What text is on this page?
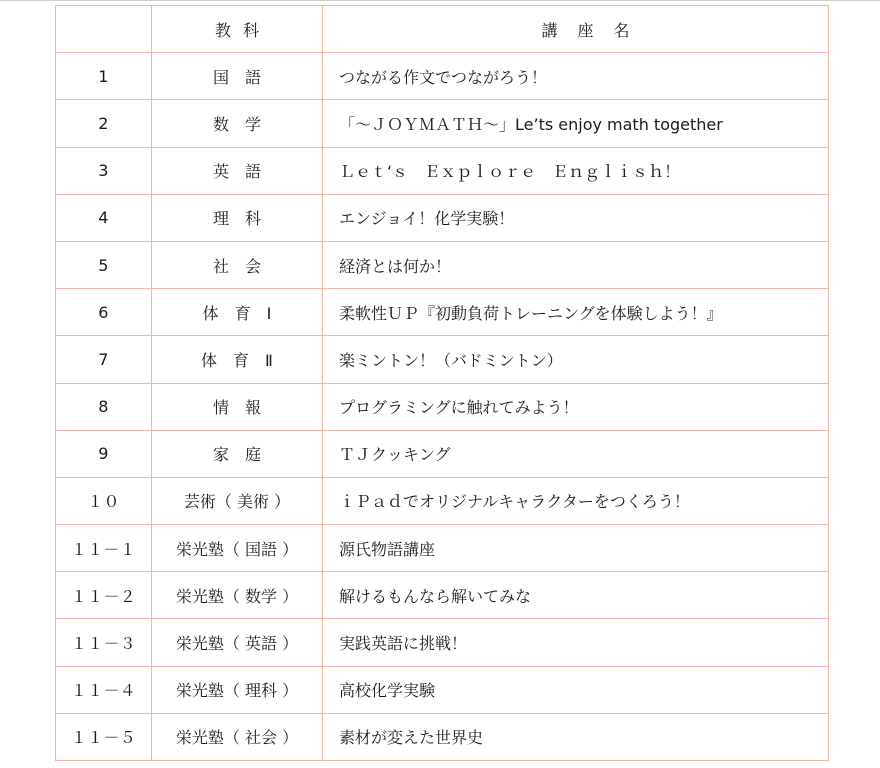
	教科	講座名
1	国　語	つながる作文でつながろう！
2	数　学	「～ＪＯＹＭＡＴＨ～」Le’ts enjoy math together
3	英　語	Ｌｅｔ‘ｓ　Ｅｘｐｌｏｒｅ　Ｅｎｇｌｉｓｈ！
4	理　科	エンジョイ！化学実験！
5	社　会	経済とは何か！
6	体　育　Ⅰ	柔軟性ＵＰ『初動負荷トレーニングを体験しよう！』
7	体　育　Ⅱ	楽ミントン！（バドミントン）
8	情　報	プログラミングに触れてみよう！
9	家　庭	ＴＪクッキング
１０	芸術（ 美術 ）	ｉＰａｄでオリジナルキャラクターをつくろう！
１１－１	栄光塾（ 国語 ）	源氏物語講座
１１－２	栄光塾（ 数学 ）	解けるもんなら解いてみな
１１－３	栄光塾（ 英語 ）	実践英語に挑戦！
１１－４	栄光塾（ 理科 ）	高校化学実験
１１－５	栄光塾（ 社会 ）	素材が変えた世界史
